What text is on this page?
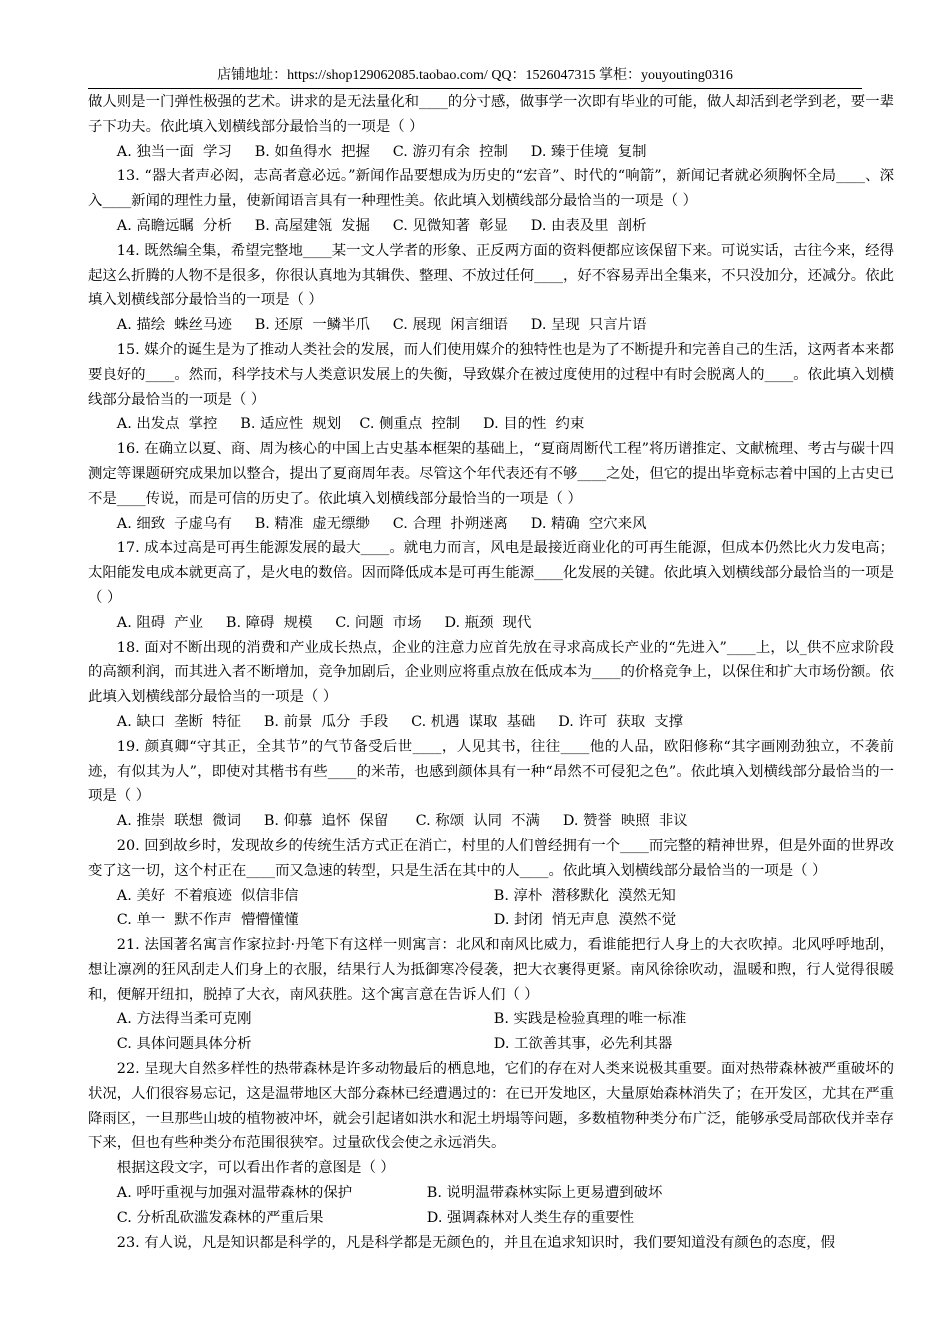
店铺地址：https://shop129062085.taobao.com/ QQ：1526047315 掌柜：youyouting0316

做人则是一门弹性极强的艺术。讲求的是无法量化和____的分寸感，做事学一次即有毕业的可能，做人却活到老学到老，要一辈子下功夫。依此填入划横线部分最恰当的一项是（ ）

A. 独当一面  学习     B. 如鱼得水  把握     C. 游刃有余  控制     D. 臻于佳境  复制

13. “器大者声必闳，志高者意必远。”新闻作品要想成为历史的“宏音”、时代的“响箭”，新闻记者就必须胸怀全局____、深入____新闻的理性力量，使新闻语言具有一种理性美。依此填入划横线部分最恰当的一项是（ ）

A. 高瞻远瞩  分析     B. 高屋建瓴  发掘     C. 见微知著  彰显     D. 由表及里  剖析

14. 既然编全集，希望完整地____某一文人学者的形象、正反两方面的资料便都应该保留下来。可说实话，古往今来，经得起这么折腾的人物不是很多，你很认真地为其辑佚、整理、不放过任何____，好不容易弄出全集来，不只没加分，还减分。依此填入划横线部分最恰当的一项是（ ）

A. 描绘  蛛丝马迹     B. 还原  一鳞半爪     C. 展现  闲言细语     D. 呈现  只言片语

15. 媒介的诞生是为了推动人类社会的发展，而人们使用媒介的独特性也是为了不断提升和完善自己的生活，这两者本来都要良好的____。然而，科学技术与人类意识发展上的失衡，导致媒介在被过度使用的过程中有时会脱离人的____。依此填入划横线部分最恰当的一项是（ ）

A. 出发点  掌控     B. 适应性  规划    C. 侧重点  控制     D. 目的性  约束

16. 在确立以夏、商、周为核心的中国上古史基本框架的基础上，“夏商周断代工程”将历谱推定、文献梳理、考古与碳十四测定等课题研究成果加以整合，提出了夏商周年表。尽管这个年代表还有不够____之处，但它的提出毕竟标志着中国的上古史已不是____传说，而是可信的历史了。依此填入划横线部分最恰当的一项是（ ）

A. 细致  子虚乌有     B. 精准  虚无缥缈     C. 合理  扑朔迷离     D. 精确  空穴来风

17. 成本过高是可再生能源发展的最大____。就电力而言，风电是最接近商业化的可再生能源，但成本仍然比火力发电高；太阳能发电成本就更高了，是火电的数倍。因而降低成本是可再生能源____化发展的关键。依此填入划横线部分最恰当的一项是（ ）

A. 阻碍  产业     B. 障碍  规模     C. 问题  市场     D. 瓶颈  现代

18. 面对不断出现的消费和产业成长热点，企业的注意力应首先放在寻求高成长产业的“先进入”____上，以_供不应求阶段的高额利润，而其进入者不断增加，竞争加剧后，企业则应将重点放在低成本为____的价格竞争上，以保住和扩大市场份额。依此填入划横线部分最恰当的一项是（ ）

A. 缺口  垄断  特征     B. 前景  瓜分  手段     C. 机遇  谋取  基础     D. 许可  获取  支撑

19. 颜真卿“守其正，全其节”的气节备受后世____，人见其书，往往____他的人品，欧阳修称“其字画刚劲独立，不袭前迹，有似其为人”，即使对其楷书有些____的米芾，也感到颜体具有一种“昂然不可侵犯之色”。依此填入划横线部分最恰当的一项是（ ）

A. 推崇  联想  微词     B. 仰慕  追怀  保留      C. 称颂  认同  不满     D. 赞誉  映照  非议

20. 回到故乡时，发现故乡的传统生活方式正在消亡，村里的人们曾经拥有一个____而完整的精神世界，但是外面的世界改变了这一切，这个村正在____而又急速的转型，只是生活在其中的人____。依此填入划横线部分最恰当的一项是（ ）

A. 美好  不着痕迹  似信非信	B. 淳朴  潜移默化  漠然无知
C. 单一  默不作声  懵懵懂懂	D. 封闭  悄无声息  漠然不觉

21. 法国著名寓言作家拉封·丹笔下有这样一则寓言：北风和南风比威力，看谁能把行人身上的大衣吹掉。北风呼呼地刮，想让凛冽的狂风刮走人们身上的衣服，结果行人为抵御寒冷侵袭，把大衣裹得更紧。南风徐徐吹动，温暖和煦，行人觉得很暖和，便解开纽扣，脱掉了大衣，南风获胜。这个寓言意在告诉人们（ ）

A. 方法得当柔可克刚	B. 实践是检验真理的唯一标准
C. 具体问题具体分析	D. 工欲善其事，必先利其器

22. 呈现大自然多样性的热带森林是许多动物最后的栖息地，它们的存在对人类来说极其重要。面对热带森林被严重破坏的状况，人们很容易忘记，这是温带地区大部分森林已经遭遇过的：在已开发地区，大量原始森林消失了；在开发区，尤其在严重降雨区，一旦那些山坡的植物被冲坏，就会引起诸如洪水和泥土坍塌等问题，多数植物种类分布广泛，能够承受局部砍伐并幸存下来，但也有些种类分布范围很狭窄。过量砍伐会使之永远消失。

根据这段文字，可以看出作者的意图是（ ）

A. 呼吁重视与加强对温带森林的保护	B. 说明温带森林实际上更易遭到破坏
C. 分析乱砍滥发森林的严重后果	D. 强调森林对人类生存的重要性

23. 有人说，凡是知识都是科学的，凡是科学都是无颜色的，并且在追求知识时，我们要知道没有颜色的态度，假
